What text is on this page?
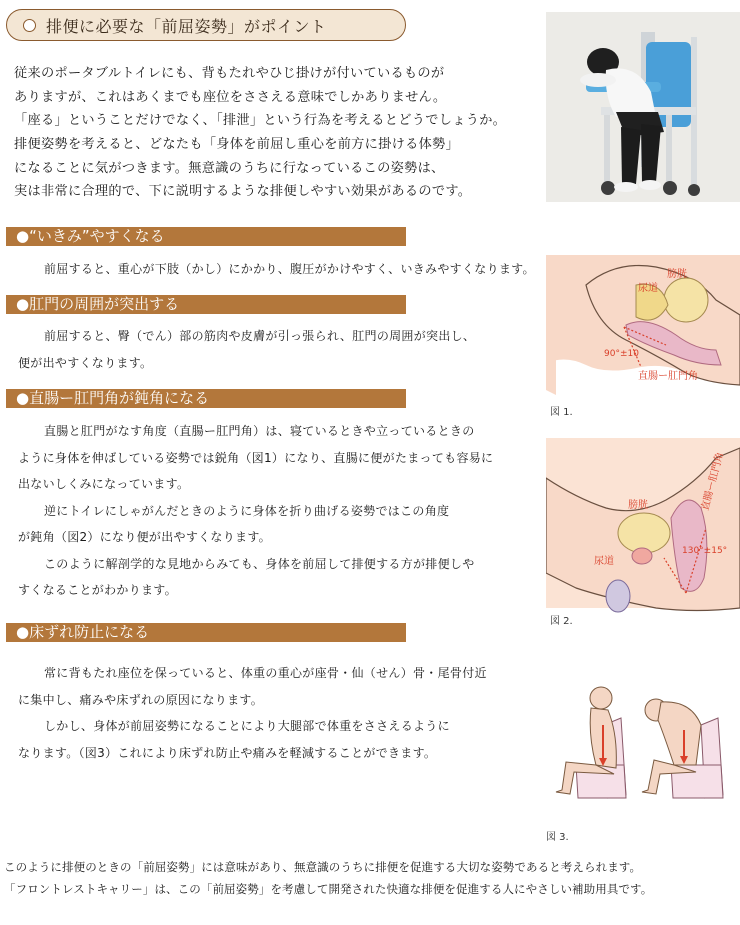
排便に必要な「前屈姿勢」がポイント
従来のポータブルトイレにも、背もたれやひじ掛けが付いているものが
ありますが、これはあくまでも座位をささえる意味でしかありません。
「座る」ということだけでなく、「排泄」という行為を考えるとどうでしょうか。
排便姿勢を考えると、どなたも「身体を前屈し重心を前方に掛ける体勢」
になることに気がつきます。無意識のうちに行なっているこの姿勢は、
実は非常に合理的で、下に説明するような排便しやすい効果があるのです。
●“いきみ”やすくなる
前屈すると、重心が下肢（かし）にかかり、腹圧がかけやすく、いきみやすくなります。
●肛門の周囲が突出する
前屈すると、臀（でん）部の筋肉や皮膚が引っ張られ、肛門の周囲が突出し、
便が出やすくなります。
●直腸ー肛門角が鈍角になる
直腸と肛門がなす角度（直腸ー肛門角）は、寝ているときや立っているときの
ように身体を伸ばしている姿勢では鋭角（図1）になり、直腸に便がたまっても容易に
出ないしくみになっています。
逆にトイレにしゃがんだときのように身体を折り曲げる姿勢ではこの角度
が鈍角（図2）になり便が出やすくなります。
このように解剖学的な見地からみても、身体を前屈して排便する方が排便しや
すくなることがわかります。
●床ずれ防止になる
常に背もたれ座位を保っていると、体重の重心が座骨・仙（せん）骨・尾骨付近
に集中し、痛みや床ずれの原因になります。
しかし、身体が前屈姿勢になることにより大腿部で体重をささえるように
なります。（図3）これにより床ずれ防止や痛みを軽減することができます。
膀胱
尿道
90°±10
直腸ー肛門角
図 1.
膀胱
尿道
130°±15°
直腸ー肛門角
図 2.
図 3.
このように排便のときの「前屈姿勢」には意味があり、無意識のうちに排便を促進する大切な姿勢であると考えられます。
「フロントレストキャリー」は、この「前屈姿勢」を考慮して開発された快適な排便を促進する人にやさしい補助用具です。
